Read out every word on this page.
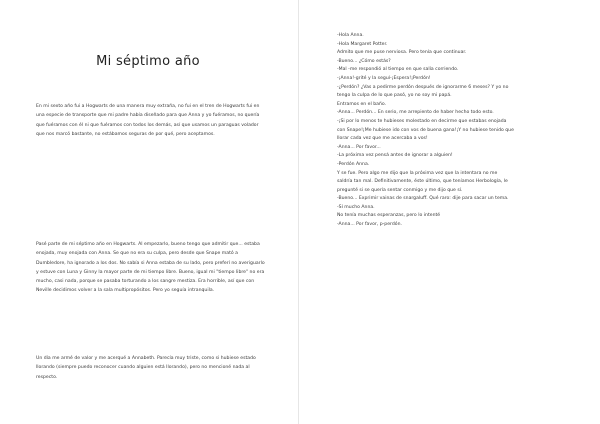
Mi séptimo año

En mi sexto año fui a Hogwarts de una manera muy extraña, no fui en el tren de Hogwarts fui en una especie de transporte que mi padre había diseñado para que Anna y yo fuéramos, no quería que fuéramos con él ni que fuéramos con todos los demás, así que usamos un paraguas volador que nos marcó bastante, no estábamos seguras de por qué, pero aceptamos.

Pasé parte de mi séptimo año en Hogwarts. Al empezarlo, bueno tengo que admitir que... estaba enojada, muy enojada con Anna. Se que no era su culpa, pero desde que Snape mató a Dumbledore, ha ignorado a los dos. No sabía si Anna estaba de su lado, pero preferí no averiguarlo y estuve con Luna y Ginny la mayor parte de mi tiempo libre. Bueno, igual mi "tiempo libre" no era mucho, casi nada, porque se pasaba torturando a los sangre mestiza. Era horrible, así que con Neville decidimos volver a la sala multipropósitos. Pero yo seguía intranquila.

Un día me armé de valor y me acerqué a Annabeth. Parecía muy triste, como si hubiese estado llorando (siempre puedo reconocer cuando alguien está llorando), pero no mencioné nada al respecto.

-Hola Anna.

-Hola Margaret Potter.

Admito que me puse nerviosa. Pero tenía que continuar.

-Bueno... ¿Cómo estás?

-Mal -me respondió al tiempo en que salía corriendo.

-¡Anna!-grité y la seguí-¡Espera!¡Perdón!

-¿Perdón? ¿Vas a pedirme perdón después de ignorarme 6 meses? Y yo no

tengo la culpa de lo que pasó, yo no soy mi papá.

Entramos en el baño.

-Anna... Perdón... En serio, me arrepiento de haber hecho todo esto.

-¡Si por lo menos te hubieses molestado en decirme que estabas enojada

con Snape!¡Me hubiese ido con vos de buena gana!¡Y no hubiese tenido que

llorar cada vez que me acercaba a vos!

-Anna... Por favor...

-La próxima vez pensá antes de ignorar a alguien!

-Perdón Anna.

Y se fue. Pero algo me dijo que la próxima vez que la intentara no me

saldría tan mal. Definitivamente, éste último, que teníamos Herbología, le

pregunté si se quería sentar conmigo y me dijo que sí.

-Bueno... Exprimir vainas de snargaluff. Qué raro: dije para sacar un tema.

-Sí mucho Anna.

No tenía muchas esperanzas, pero lo intenté

-Anna... Por favor, p-perdón.
